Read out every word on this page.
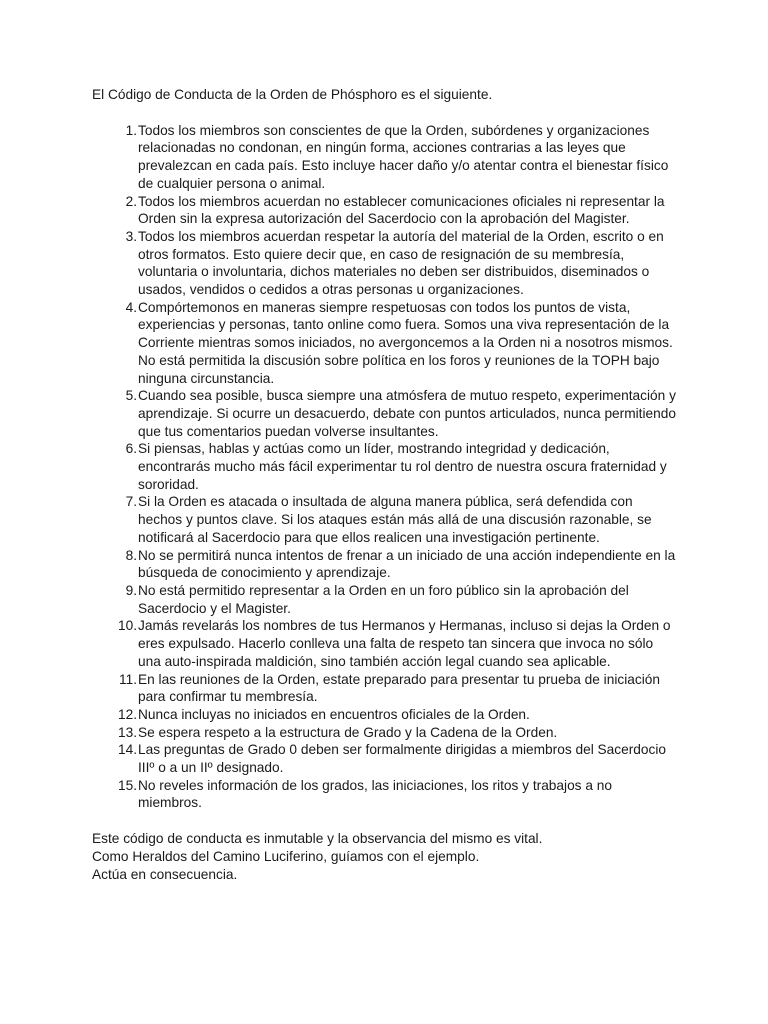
El Código de Conducta de la Orden de Phósphoro es el siguiente.

1. Todos los miembros son conscientes de que la Orden, subórdenes y organizaciones relacionadas no condonan, en ningún forma, acciones contrarias a las leyes que prevalezcan en cada país. Esto incluye hacer daño y/o atentar contra el bienestar físico de cualquier persona o animal.
2. Todos los miembros acuerdan no establecer comunicaciones oficiales ni representar la Orden sin la expresa autorización del Sacerdocio con la aprobación del Magister.
3. Todos los miembros acuerdan respetar la autoría del material de la Orden, escrito o en otros formatos. Esto quiere decir que, en caso de resignación de su membresía, voluntaria o involuntaria, dichos materiales no deben ser distribuidos, diseminados o usados, vendidos o cedidos a otras personas u organizaciones.
4. Compórtemonos en maneras siempre respetuosas con todos los puntos de vista, experiencias y personas, tanto online como fuera. Somos una viva representación de la Corriente mientras somos iniciados, no avergoncemos a la Orden ni a nosotros mismos. No está permitida la discusión sobre política en los foros y reuniones de la TOPH bajo ninguna circunstancia.
5. Cuando sea posible, busca siempre una atmósfera de mutuo respeto, experimentación y aprendizaje. Si ocurre un desacuerdo, debate con puntos articulados, nunca permitiendo que tus comentarios puedan volverse insultantes.
6. Si piensas, hablas y actúas como un líder, mostrando integridad y dedicación, encontrarás mucho más fácil experimentar tu rol dentro de nuestra oscura fraternidad y sororidad.
7. Si la Orden es atacada o insultada de alguna manera pública, será defendida con hechos y puntos clave. Si los ataques están más allá de una discusión razonable, se notificará al Sacerdocio para que ellos realicen una investigación pertinente.
8. No se permitirá nunca intentos de frenar a un iniciado de una acción independiente en la búsqueda de conocimiento y aprendizaje.
9. No está permitido representar a la Orden en un foro público sin la aprobación del Sacerdocio y el Magister.
10. Jamás revelarás los nombres de tus Hermanos y Hermanas, incluso si dejas la Orden o eres expulsado. Hacerlo conlleva una falta de respeto tan sincera que invoca no sólo una auto-inspirada maldición, sino también acción legal cuando sea aplicable.
11. En las reuniones de la Orden, estate preparado para presentar tu prueba de iniciación para confirmar tu membresía.
12. Nunca incluyas no iniciados en encuentros oficiales de la Orden.
13. Se espera respeto a la estructura de Grado y la Cadena de la Orden.
14. Las preguntas de Grado 0 deben ser formalmente dirigidas a miembros del Sacerdocio IIIº o a un IIº designado.
15. No reveles información de los grados, las iniciaciones, los ritos y trabajos a no miembros.

Este código de conducta es inmutable y la observancia del mismo es vital.

Como Heraldos del Camino Luciferino, guíamos con el ejemplo.

Actúa en consecuencia.
